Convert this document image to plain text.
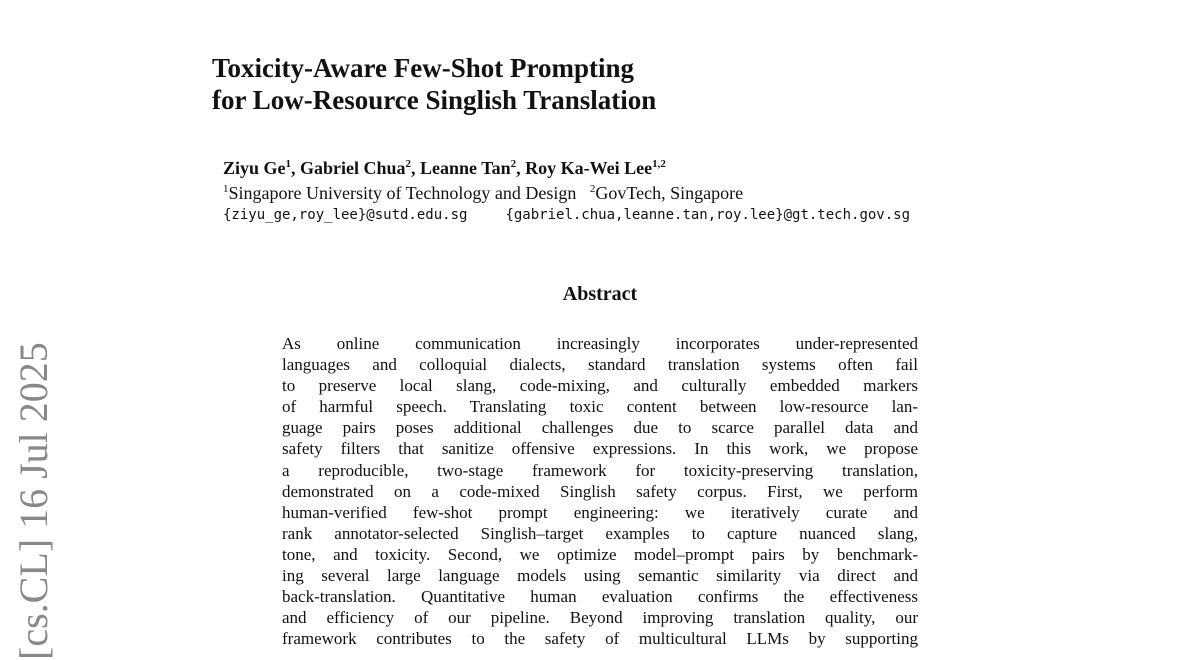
Toxicity-Aware Few-Shot Prompting
for Low-Resource Singlish Translation
Ziyu Ge$^1$, Gabriel Chua$^2$, Leanne Tan$^2$, Roy Ka-Wei Lee$^{1,2}$
$^1$Singapore University of Technology and Design $^2$GovTech, Singapore
{ziyu_ge,roy_lee}@sutd.edu.sg	{gabriel.chua,leanne.tan,roy.lee}@gt.tech.gov.sg
Abstract
As online communication increasingly incorporates under-represented
languages and colloquial dialects, standard translation systems often fail
to preserve local slang, code-mixing, and culturally embedded markers
of harmful speech. Translating toxic content between low-resource lan-
guage pairs poses additional challenges due to scarce parallel data and
safety filters that sanitize offensive expressions. In this work, we propose
a reproducible, two-stage framework for toxicity-preserving translation,
demonstrated on a code-mixed Singlish safety corpus. First, we perform
human-verified few-shot prompt engineering: we iteratively curate and
rank annotator-selected Singlish–target examples to capture nuanced slang,
tone, and toxicity. Second, we optimize model–prompt pairs by benchmark-
ing several large language models using semantic similarity via direct and
back-translation. Quantitative human evaluation confirms the effectiveness
and efficiency of our pipeline. Beyond improving translation quality, our
framework contributes to the safety of multicultural LLMs by supporting
[cs.CL] 16 Jul 2025
